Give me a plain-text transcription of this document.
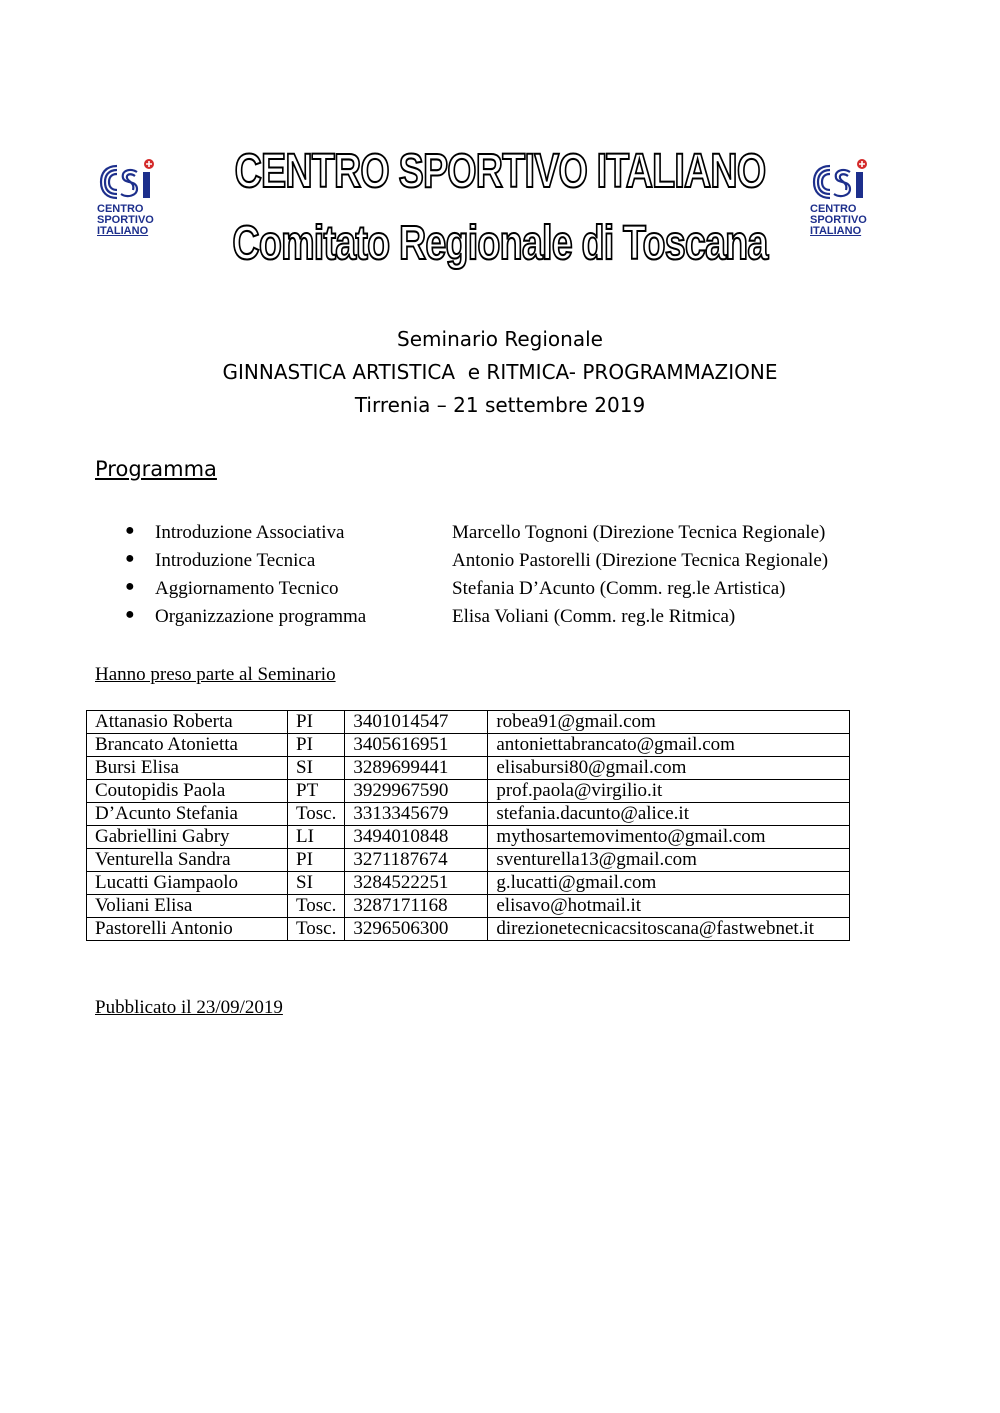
CENTRO
SPORTIVO
ITALIANO
CENTRO
SPORTIVO
ITALIANO
CENTRO SPORTIVO ITALIANO
Comitato Regionale di Toscana
Seminario Regionale
GINNASTICA ARTISTICA  e RITMICA- PROGRAMMAZIONE
Tirrenia – 21 settembre 2019
Programma
● Introduzione Associativa	Marcello Tognoni (Direzione Tecnica Regionale)
● Introduzione Tecnica	Antonio Pastorelli (Direzione Tecnica Regionale)
● Aggiornamento Tecnico	Stefania D’Acunto (Comm. reg.le Artistica)
● Organizzazione programma	Elisa Voliani (Comm. reg.le Ritmica)
Hanno preso parte al Seminario
Attanasio Roberta	PI	3401014547	robea91@gmail.com
Brancato Atonietta	PI	3405616951	antoniettabrancato@gmail.com
Bursi Elisa	SI	3289699441	elisabursi80@gmail.com
Coutopidis Paola	PT	3929967590	prof.paola@virgilio.it
D’Acunto Stefania	Tosc.	3313345679	stefania.dacunto@alice.it
Gabriellini Gabry	LI	3494010848	mythosartemovimento@gmail.com
Venturella Sandra	PI	3271187674	sventurella13@gmail.com
Lucatti Giampaolo	SI	3284522251	g.lucatti@gmail.com
Voliani Elisa	Tosc.	3287171168	elisavo@hotmail.it
Pastorelli Antonio	Tosc.	3296506300	direzionetecnicacsitoscana@fastwebnet.it
Pubblicato il 23/09/2019
